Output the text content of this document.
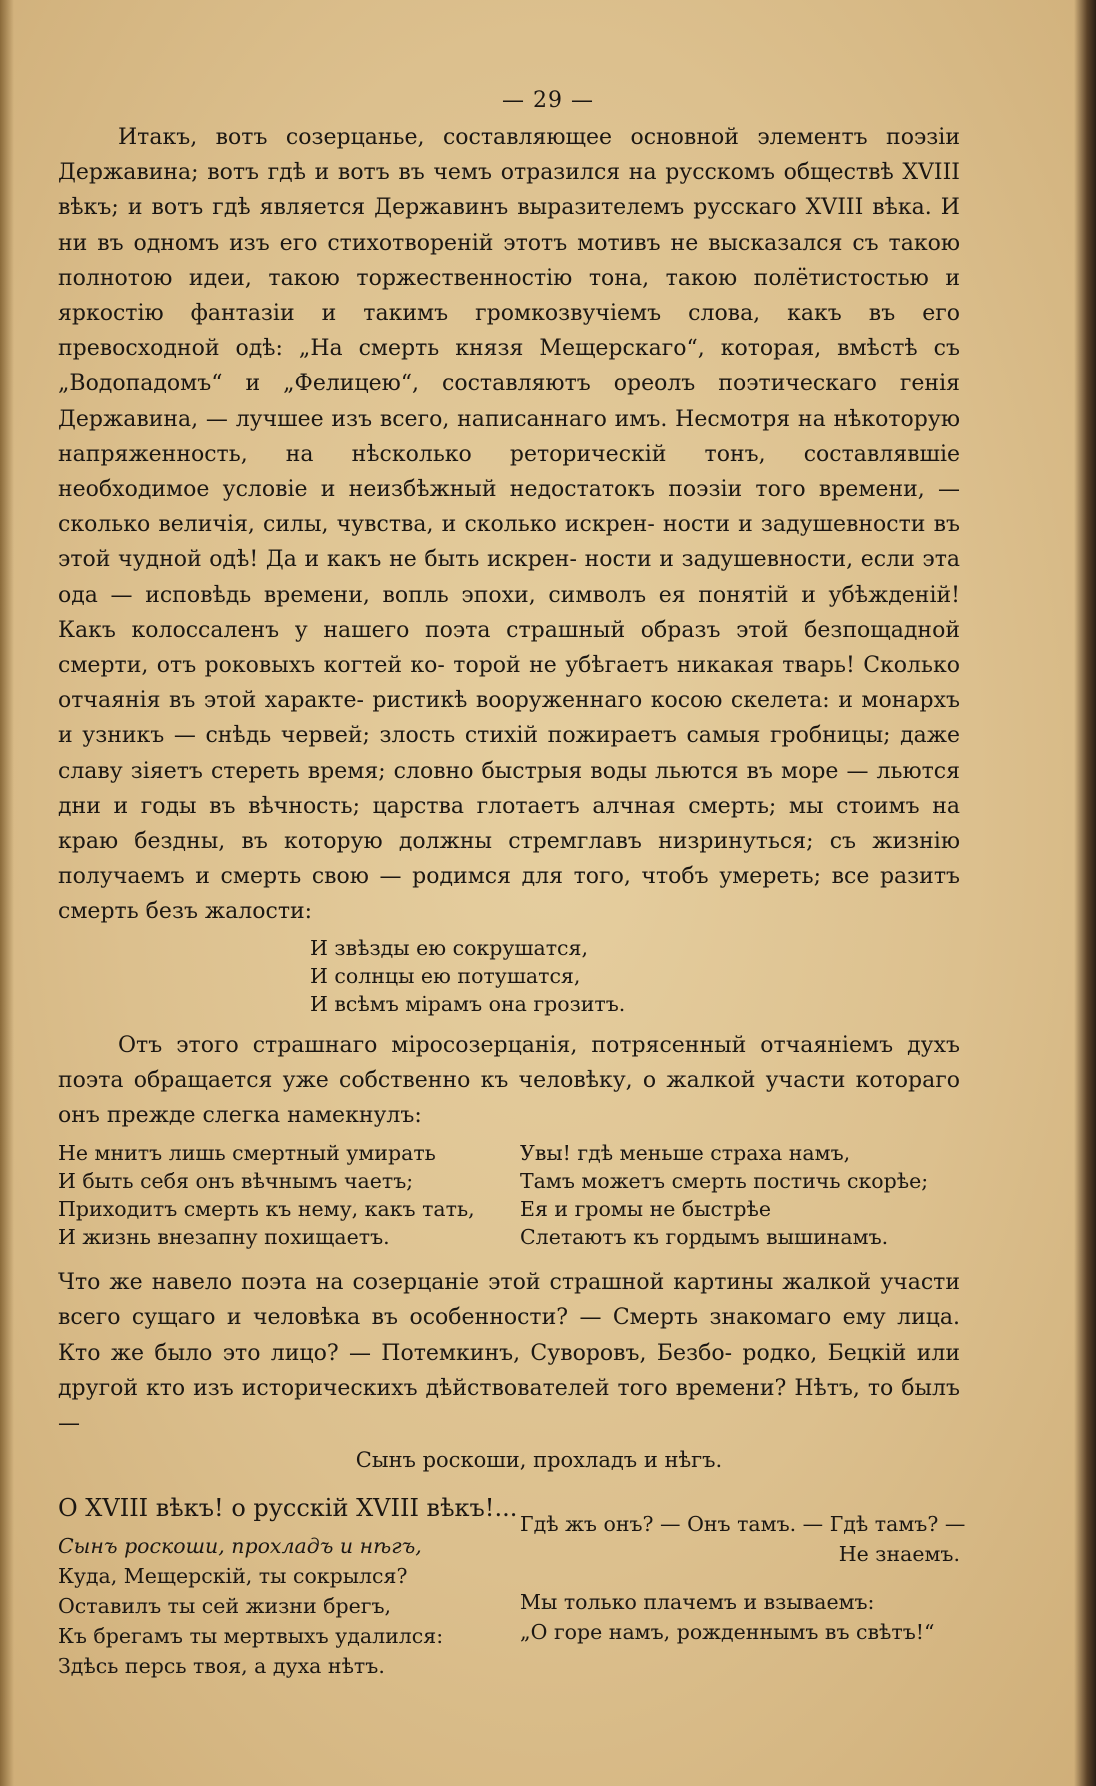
— 29 —

Итакъ, вотъ созерцанье, составляющее основной элементъ поэзіи Державина; вотъ гдѣ и вотъ въ чемъ отразился на русскомъ обществѣ XVIII вѣкъ; и вотъ гдѣ является Державинъ выразителемъ русскаго XVIII вѣка. И ни въ одномъ изъ его стихотвореній этотъ мотивъ не высказался съ такою полнотою идеи, такою торжественностію тона, такою полётистостью и яркостію фантазіи и такимъ громкозвучіемъ слова, какъ въ его превосходной одѣ: „На смерть князя Мещерскаго“, которая, вмѣстѣ съ „Водопадомъ“ и „Фелицею“, составляютъ ореолъ поэтическаго генія Державина, — лучшее изъ всего, написаннаго имъ. Несмотря на нѣкоторую напряженность, на нѣсколько реторическій тонъ, составлявшіе необходимое условіе и неизбѣжный недостатокъ поэзіи того времени, — сколько величія, силы, чувства, и сколько искрен- ности и задушевности въ этой чудной одѣ! Да и какъ не быть искрен- ности и задушевности, если эта ода — исповѣдь времени, вопль эпохи, символъ ея понятій и убѣжденій! Какъ колоссаленъ у нашего поэта страшный образъ этой безпощадной смерти, отъ роковыхъ когтей ко- торой не убѣгаетъ никакая тварь! Сколько отчаянія въ этой характе- ристикѣ вооруженнаго косою скелета: и монархъ и узникъ — снѣдь червей; злость стихій пожираетъ самыя гробницы; даже славу зіяетъ стереть время; словно быстрыя воды льются въ море — льются дни и годы въ вѣчность; царства глотаетъ алчная смерть; мы стоимъ на краю бездны, въ которую должны стремглавъ низринуться; съ жизнію получаемъ и смерть свою — родимся для того, чтобъ умереть; все разитъ смерть безъ жалости:

И звѣзды ею сокрушатся,
И солнцы ею потушатся,
И всѣмъ мірамъ она грозитъ.

Отъ этого страшнаго міросозерцанія, потрясенный отчаяніемъ духъ поэта обращается уже собственно къ человѣку, о жалкой участи котораго онъ прежде слегка намекнулъ:

Не мнитъ лишь смертный умирать
И быть себя онъ вѣчнымъ чаетъ;
Приходитъ смерть къ нему, какъ тать,
И жизнь внезапну похищаетъ.
Увы! гдѣ меньше страха намъ,
Тамъ можетъ смерть постичь скорѣе;
Ея и громы не быстрѣе
Слетаютъ къ гордымъ вышинамъ.

Что же навело поэта на созерцаніе этой страшной картины жалкой участи всего сущаго и человѣка въ особенности? — Смерть знакомаго ему лица. Кто же было это лицо? — Потемкинъ, Суворовъ, Безбо- родко, Бецкій или другой кто изъ историческихъ дѣйствователей того времени? Нѣтъ, то былъ —

Сынъ роскоши, прохладъ и нѣгъ.
О XVIII вѣкъ! о русскій XVIII вѣкъ!...
Сынъ роскоши, прохладъ и нѣгъ,
Куда, Мещерскій, ты сокрылся?
Оставилъ ты сей жизни брегъ,
Къ брегамъ ты мертвыхъ удалился:
Здѣсь персь твоя, а духа нѣтъ.
Гдѣ жъ онъ? — Онъ тамъ. — Гдѣ тамъ? —
Не знаемъ.
Мы только плачемъ и взываемъ:
„О горе намъ, рожденнымъ въ свѣтъ!“
